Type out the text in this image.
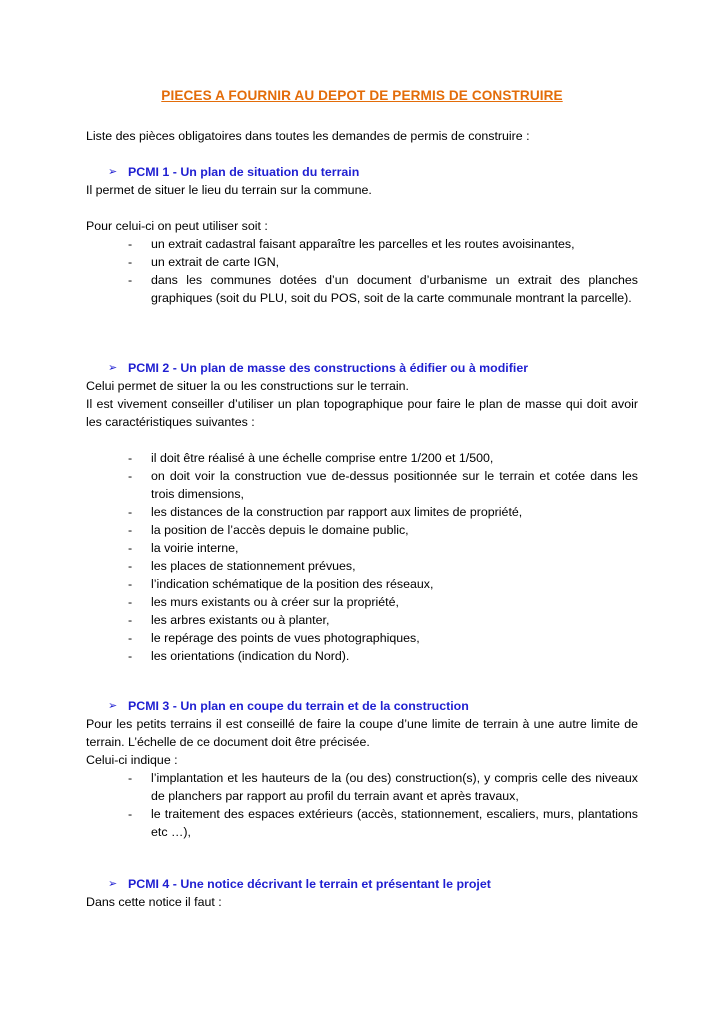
PIECES A FOURNIR AU DEPOT DE PERMIS DE CONSTRUIRE

Liste des pièces obligatoires dans toutes les demandes de permis de construire :

➢ PCMI 1 - Un plan de situation du terrain

Il permet de situer le lieu du terrain sur la commune.

Pour celui-ci on peut utiliser soit :

- un extrait cadastral faisant apparaître les parcelles et les routes avoisinantes,
- un extrait de carte IGN,
- dans les communes dotées d’un document d’urbanisme un extrait des planches graphiques (soit du PLU, soit du POS, soit de la carte communale montrant la parcelle).

➢ PCMI 2 - Un plan de masse des constructions à édifier ou à modifier

Celui permet de situer la ou les constructions sur le terrain.

Il est vivement conseiller d’utiliser un plan topographique pour faire le plan de masse qui doit avoir les caractéristiques suivantes :

- il doit être réalisé à une échelle comprise entre 1/200 et 1/500,
- on doit voir la construction vue de-dessus positionnée sur le terrain et cotée dans les trois dimensions,
- les distances de la construction par rapport aux limites de propriété,
- la position de l’accès depuis le domaine public,
- la voirie interne,
- les places de stationnement prévues,
- l’indication schématique de la position des réseaux,
- les murs existants ou à créer sur la propriété,
- les arbres existants ou à planter,
- le repérage des points de vues photographiques,
- les orientations (indication du Nord).

➢ PCMI 3 - Un plan en coupe du terrain et de la construction

Pour les petits terrains il est conseillé de faire la coupe d’une limite de terrain à une autre limite de terrain. L’échelle de ce document doit être précisée.

Celui-ci indique :

- l’implantation et les hauteurs de la (ou des) construction(s), y compris celle des niveaux de planchers par rapport au profil du terrain avant et après travaux,
- le traitement des espaces extérieurs (accès, stationnement, escaliers, murs, plantations etc …),

➢ PCMI 4 - Une notice décrivant le terrain et présentant le projet

Dans cette notice il faut :
